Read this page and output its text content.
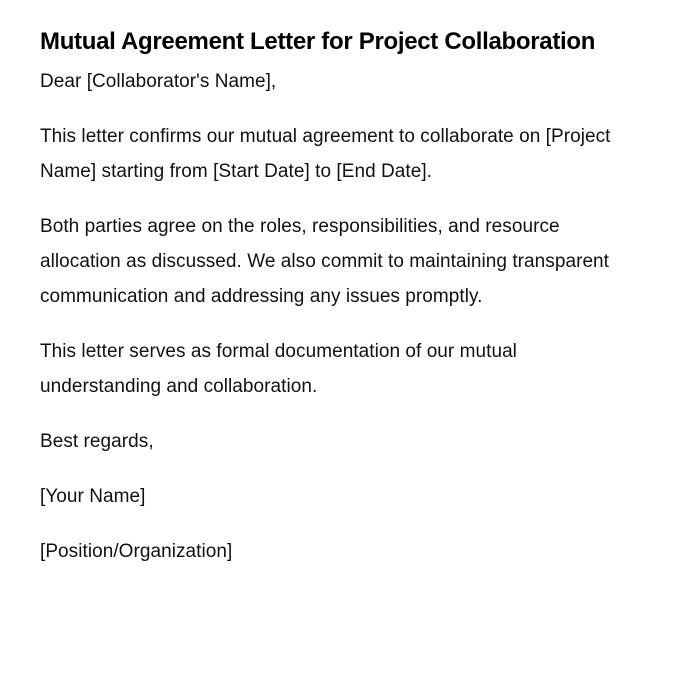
Mutual Agreement Letter for Project Collaboration

Dear [Collaborator's Name],

This letter confirms our mutual agreement to collaborate on [Project Name] starting from [Start Date] to [End Date].

Both parties agree on the roles, responsibilities, and resource allocation as discussed. We also commit to maintaining transparent communication and addressing any issues promptly.

This letter serves as formal documentation of our mutual understanding and collaboration.

Best regards,

[Your Name]

[Position/Organization]
